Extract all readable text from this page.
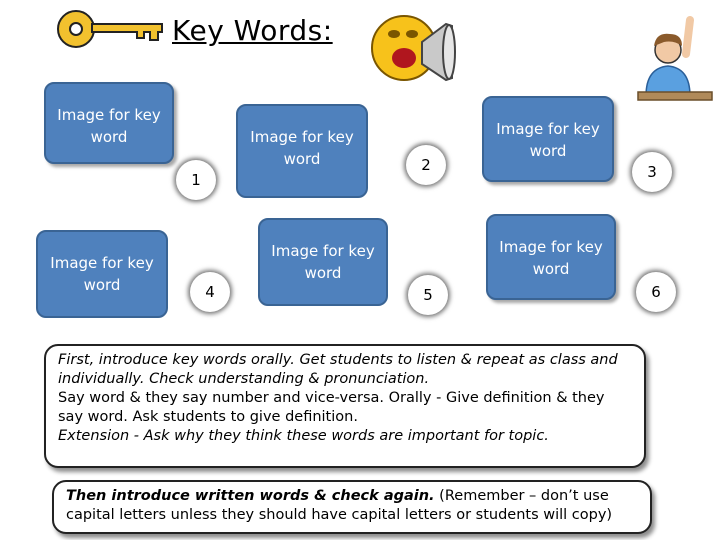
Key Words:
Image for key word	Image for key word
Image for key word
Image for key word
Image for key word
Image for key word
1
2	3
4	5	6

First, introduce key words orally. Get students to listen & repeat as class and individually. Check understanding & pronunciation.

Say word & they say number and vice-versa. Orally - Give definition & they say word. Ask students to give definition.

Extension - Ask why they think these words are important for topic.

Then introduce written words & check again. (Remember – don’t use capital letters unless they should have capital letters or students will copy)
